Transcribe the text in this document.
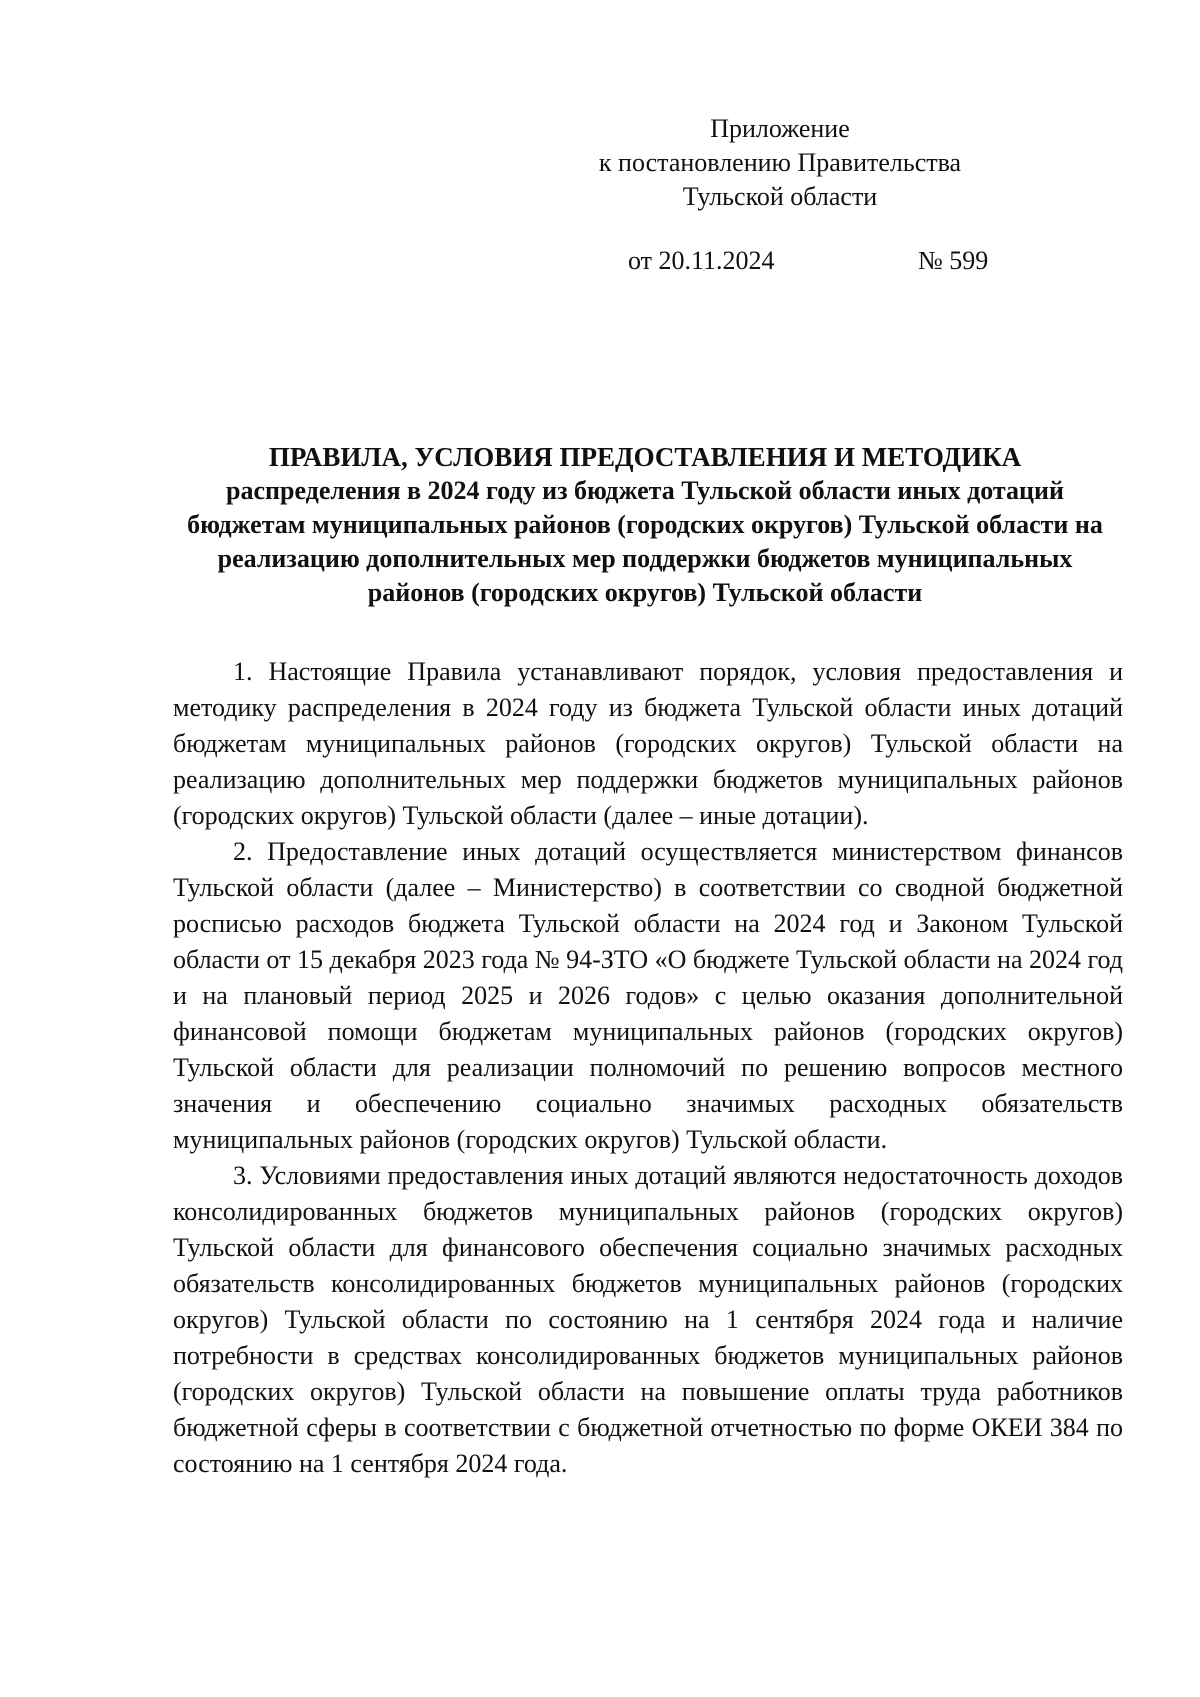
Приложение
к постановлению Правительства
Тульской области
от 20.11.2024	№ 599
ПРАВИЛА, УСЛОВИЯ ПРЕДОСТАВЛЕНИЯ И МЕТОДИКА
распределения в 2024 году из бюджета Тульской области иных дотаций бюджетам муниципальных районов (городских округов) Тульской области на реализацию дополнительных мер поддержки бюджетов муниципальных районов (городских округов) Тульской области

1. Настоящие Правила устанавливают порядок, условия предоставления и методику распределения в 2024 году из бюджета Тульской области иных дотаций бюджетам муниципальных районов (городских округов) Тульской области на реализацию дополнительных мер поддержки бюджетов муниципальных районов (городских округов) Тульской области (далее – иные дотации).

2. Предоставление иных дотаций осуществляется министерством финансов Тульской области (далее – Министерство) в соответствии со сводной бюджетной росписью расходов бюджета Тульской области на 2024 год и Законом Тульской области от 15 декабря 2023 года № 94-ЗТО «О бюджете Тульской области на 2024 год и на плановый период 2025 и 2026 годов» с целью оказания дополнительной финансовой помощи бюджетам муниципальных районов (городских округов) Тульской области для реализации полномочий по решению вопросов местного значения и обеспечению социально значимых расходных обязательств муниципальных районов (городских округов) Тульской области.

3. Условиями предоставления иных дотаций являются недостаточность доходов консолидированных бюджетов муниципальных районов (городских округов) Тульской области для финансового обеспечения социально значимых расходных обязательств консолидированных бюджетов муниципальных районов (городских округов) Тульской области по состоянию на 1 сентября 2024 года и наличие потребности в средствах консолидированных бюджетов муниципальных районов (городских округов) Тульской области на повышение оплаты труда работников бюджетной сферы в соответствии с бюджетной отчетностью по форме ОКЕИ 384 по состоянию на 1 сентября 2024 года.
